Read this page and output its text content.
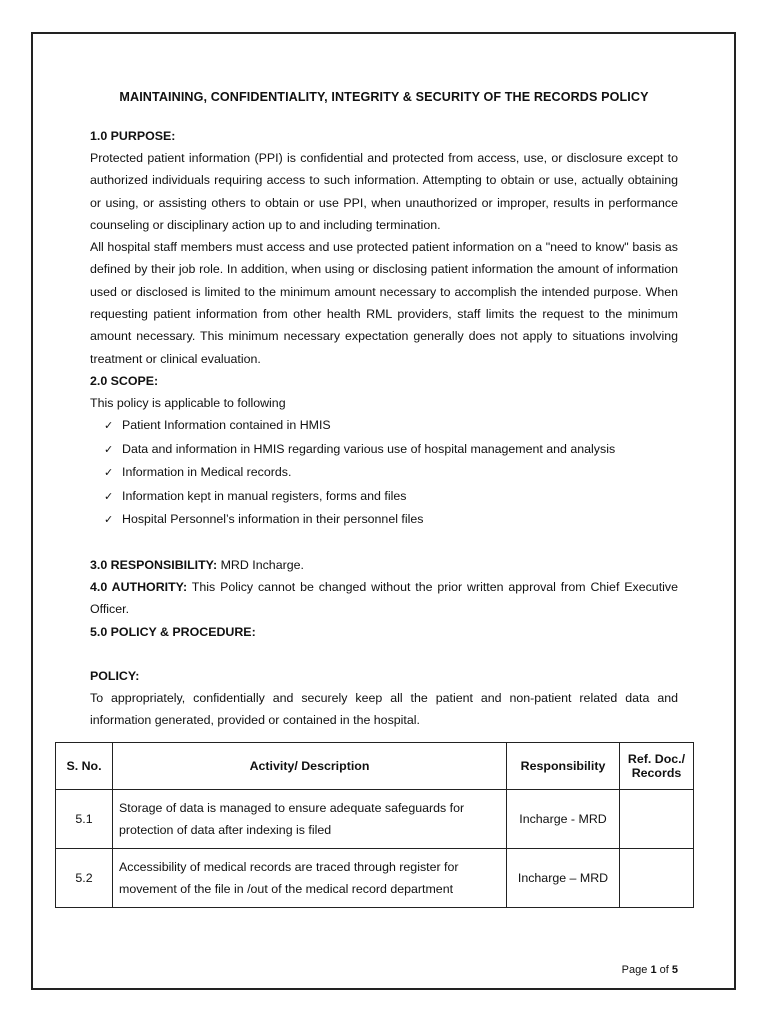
MAINTAINING, CONFIDENTIALITY, INTEGRITY & SECURITY OF THE RECORDS POLICY
1.0 PURPOSE:
Protected patient information (PPI) is confidential and protected from access, use, or disclosure except to authorized individuals requiring access to such information. Attempting to obtain or use, actually obtaining or using, or assisting others to obtain or use PPI, when unauthorized or improper, results in performance counseling or disciplinary action up to and including termination.
All hospital staff members must access and use protected patient information on a "need to know" basis as defined by their job role. In addition, when using or disclosing patient information the amount of information used or disclosed is limited to the minimum amount necessary to accomplish the intended purpose. When requesting patient information from other health RML providers, staff limits the request to the minimum amount necessary. This minimum necessary expectation generally does not apply to situations involving treatment or clinical evaluation.
2.0 SCOPE:
This policy is applicable to following
✓ Patient Information contained in HMIS
✓ Data and information in HMIS regarding various use of hospital management and analysis
✓ Information in Medical records.
✓ Information kept in manual registers, forms and files
✓ Hospital Personnel’s information in their personnel files
3.0 RESPONSIBILITY: MRD Incharge.
4.0 AUTHORITY: This Policy cannot be changed without the prior written approval from Chief Executive Officer.
5.0 POLICY & PROCEDURE:
POLICY:
To appropriately, confidentially and securely keep all the patient and non-patient related data and information generated, provided or contained in the hospital.
S. No.	Activity/ Description	Responsibility	Ref. Doc./
Records
5.1	Storage of data is managed to ensure adequate safeguards for protection of data after indexing is filed	Incharge - MRD	
5.2	Accessibility of medical records are traced through register for movement of the file in /out of the medical record department	Incharge – MRD	
Page 1 of 5
